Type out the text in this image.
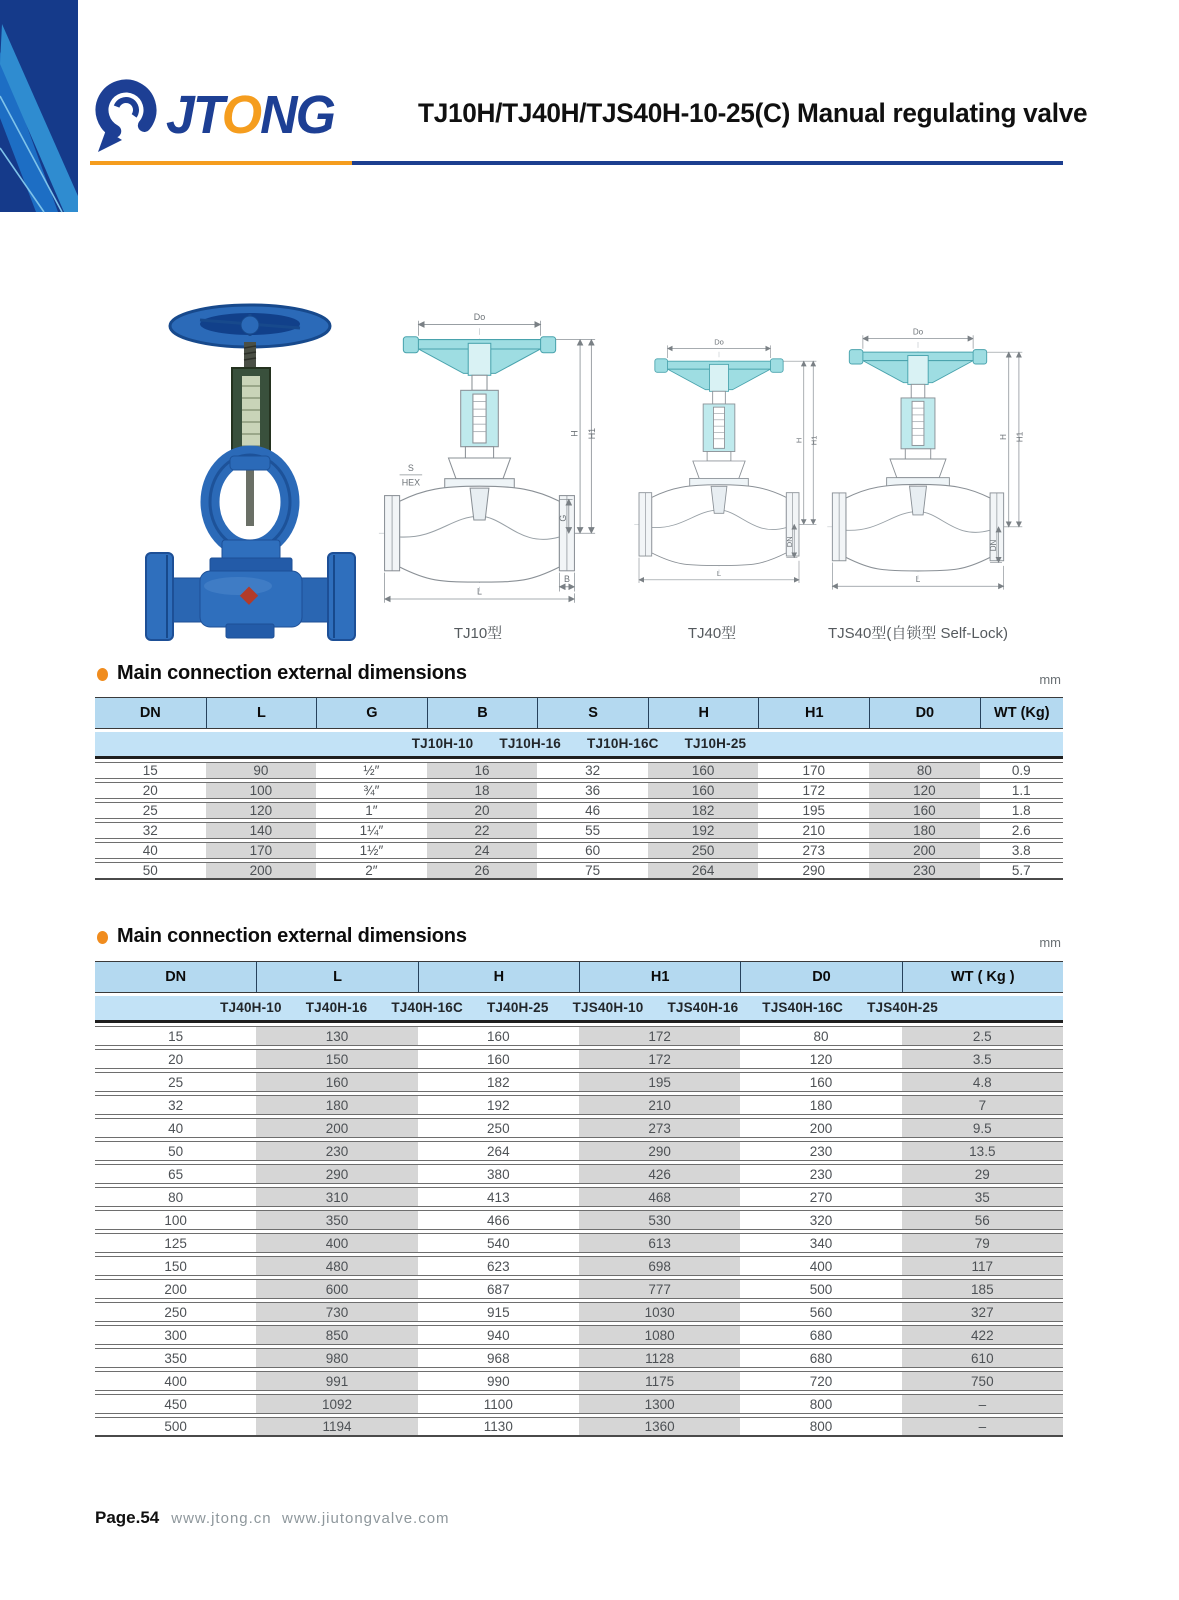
JTONG	TJ10H/TJ40H/TJS40H-10-25(C) Manual regulating valve
Do
H H1
G
B
S
HEX
L
Do
H H1
DN
L
Do
H H1
DN
L
TJ10型	TJ40型	TJS40型(自锁型 Self-Lock)
Main connection external dimensions	mm
DN	L	G	B	S	H	H1	D0	WT (Kg)
TJ10H-10 TJ10H-16 TJ10H-16C TJ10H-25								
15	90	½″	16	32	160	170	80	0.9
20	100	¾″	18	36	160	172	120	1.1
25	120	1″	20	46	182	195	160	1.8
32	140	1¼″	22	55	192	210	180	2.6
40	170	1½″	24	60	250	273	200	3.8
50	200	2″	26	75	264	290	230	5.7
Main connection external dimensions	mm
DN	L	H	H1	D0	WT ( Kg )
TJ40H-10 TJ40H-16 TJ40H-16C TJ40H-25 TJS40H-10 TJS40H-16 TJS40H-16C TJS40H-25					
15	130	160	172	80	2.5
20	150	160	172	120	3.5
25	160	182	195	160	4.8
32	180	192	210	180	7
40	200	250	273	200	9.5
50	230	264	290	230	13.5
65	290	380	426	230	29
80	310	413	468	270	35
100	350	466	530	320	56
125	400	540	613	340	79
150	480	623	698	400	117
200	600	687	777	500	185
250	730	915	1030	560	327
300	850	940	1080	680	422
350	980	968	1128	680	610
400	991	990	1175	720	750
450	1092	1100	1300	800	–
500	1194	1130	1360	800	–
Page.54 www.jtong.cn www.jiutongvalve.com
